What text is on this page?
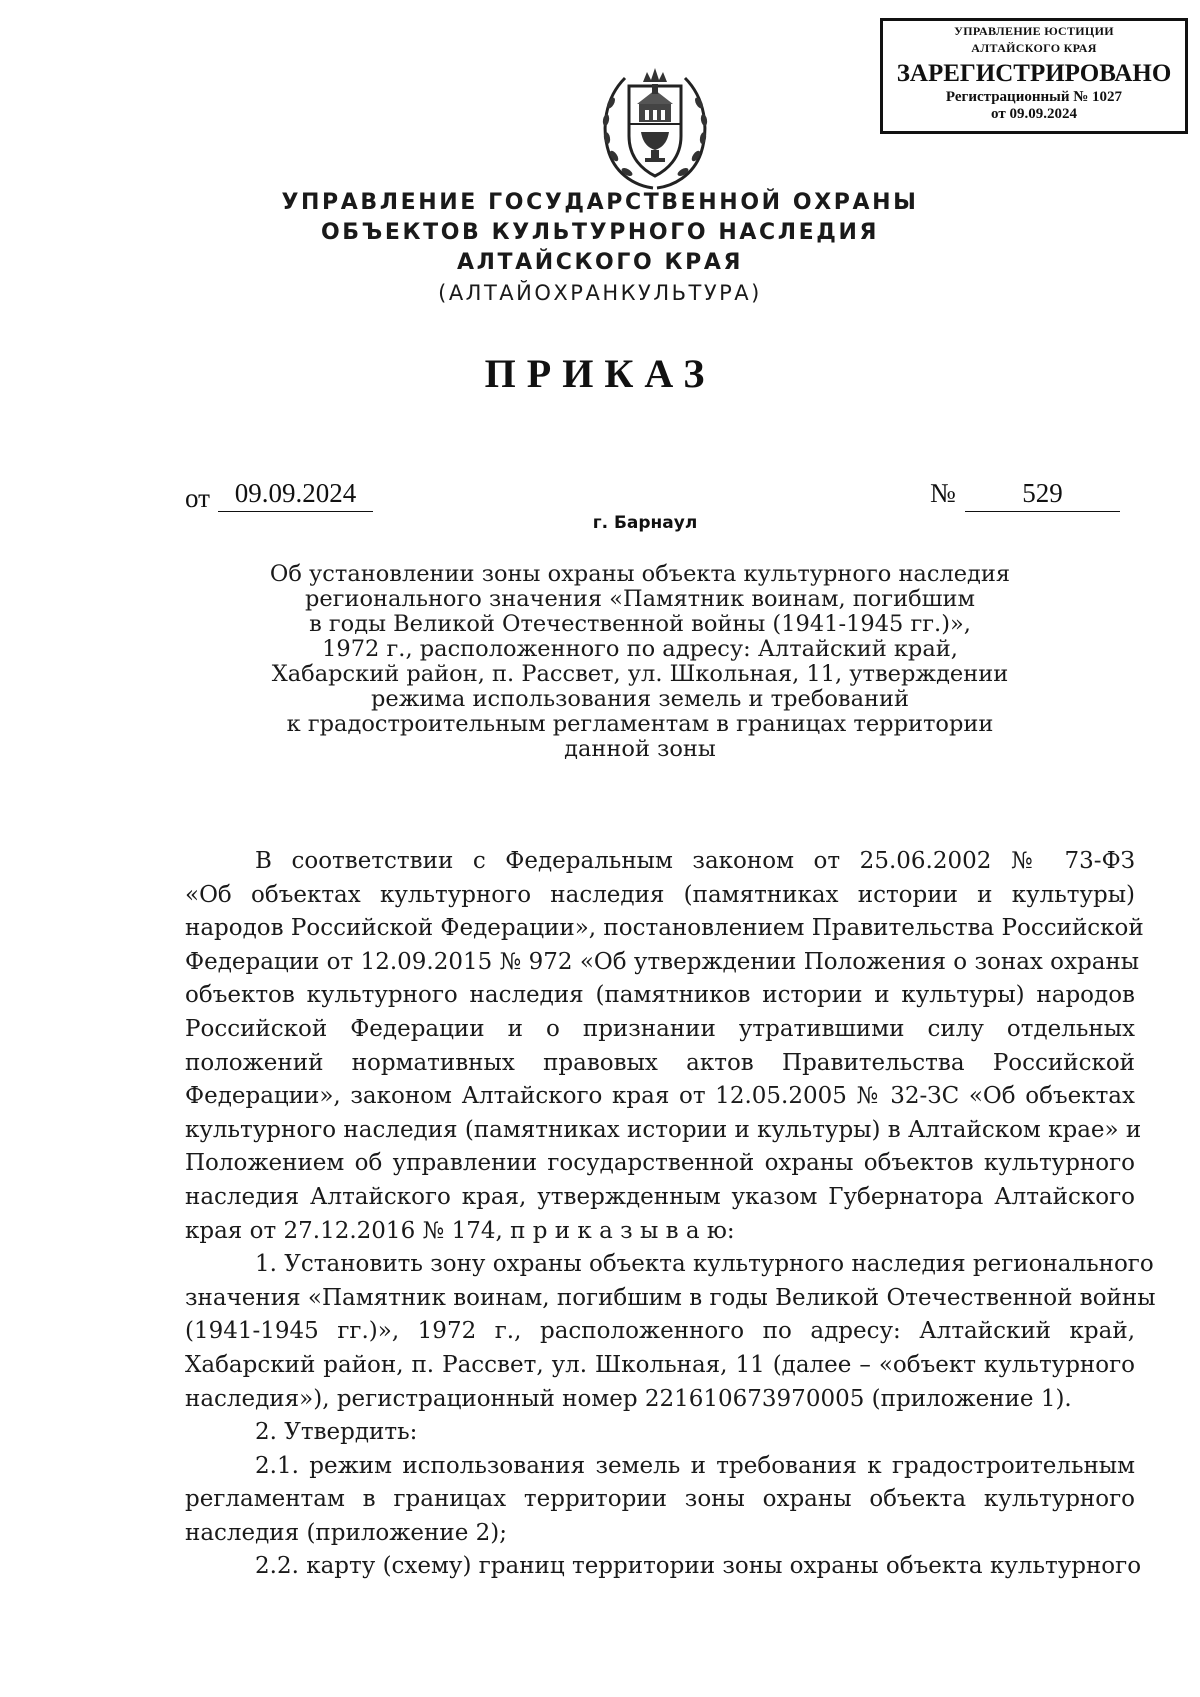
УПРАВЛЕНИЕ ЮСТИЦИИ
АЛТАЙСКОГО КРАЯ
ЗАРЕГИСТРИРОВАНО
Регистрационный № 1027
от 09.09.2024
УПРАВЛЕНИЕ ГОСУДАРСТВЕННОЙ ОХРАНЫ
ОБЪЕКТОВ КУЛЬТУРНОГО НАСЛЕДИЯ
АЛТАЙСКОГО КРАЯ
(АЛТАЙОХРАНКУЛЬТУРА)
ПРИКАЗ
от 09.09.2024	№	529
г. Барнаул
Об установлении зоны охраны объекта культурного наследия
регионального значения «Памятник воинам, погибшим
в годы Великой Отечественной войны (1941-1945 гг.)»,
1972 г., расположенного по адресу: Алтайский край,
Хабарский район, п. Рассвет, ул. Школьная, 11, утверждении
режима использования земель и требований
к градостроительным регламентам в границах территории
данной зоны
В соответствии с Федеральным законом от 25.06.2002 № 73-ФЗ
«Об объектах культурного наследия (памятниках истории и культуры)
народов Российской Федерации», постановлением Правительства Российской
Федерации от 12.09.2015 № 972 «Об утверждении Положения о зонах охраны
объектов культурного наследия (памятников истории и культуры) народов
Российской Федерации и о признании утратившими силу отдельных
положений нормативных правовых актов Правительства Российской
Федерации», законом Алтайского края от 12.05.2005 № 32-ЗС «Об объектах
культурного наследия (памятниках истории и культуры) в Алтайском крае» и
Положением об управлении государственной охраны объектов культурного
наследия Алтайского края, утвержденным указом Губернатора Алтайского
края от 27.12.2016 № 174, п р и к а з ы в а ю:
1. Установить зону охраны объекта культурного наследия регионального
значения «Памятник воинам, погибшим в годы Великой Отечественной войны
(1941-1945 гг.)», 1972 г., расположенного по адресу: Алтайский край,
Хабарский район, п. Рассвет, ул. Школьная, 11 (далее – «объект культурного
наследия»), регистрационный номер 221610673970005 (приложение 1).
2. Утвердить:
2.1. режим использования земель и требования к градостроительным
регламентам в границах территории зоны охраны объекта культурного
наследия (приложение 2);
2.2. карту (схему) границ территории зоны охраны объекта культурного
